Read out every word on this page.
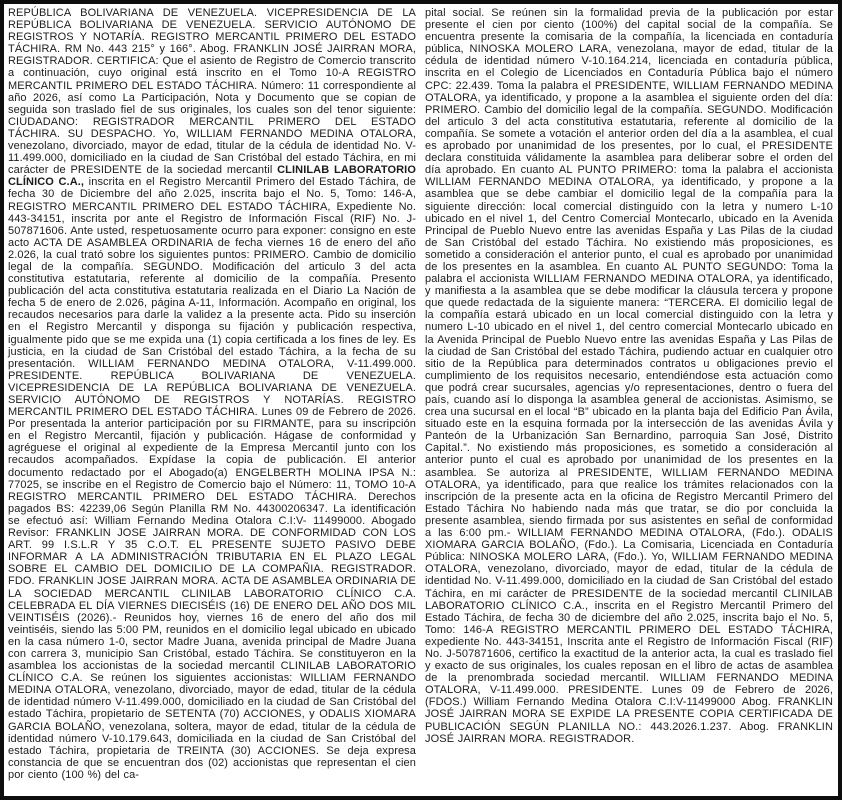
REPÚBLICA BOLIVARIANA DE VENEZUELA. VICEPRESIDENCIA DE LA REPÚBLICA BOLIVARIANA DE VENEZUELA. SERVICIO AUTÓNOMO DE REGISTROS Y NOTARÍA. REGISTRO MERCANTIL PRIMERO DEL ESTADO TÁCHIRA. RM No. 443 215° y 166°. Abog. FRANKLIN JOSÉ JAIRRAN MORA, REGISTRADOR. CERTIFICA: Que el asiento de Registro de Comercio transcrito a continuación, cuyo original está inscrito en el Tomo 10-A REGISTRO MERCANTIL PRIMERO DEL ESTADO TÁCHIRA. Número: 11 correspondiente al año 2026, así como La Participación, Nota y Documento que se copian de seguida son traslado fiel de sus originales, los cuales son del tenor siguiente: CIUDADANO: REGISTRADOR MERCANTIL PRIMERO DEL ESTADO TÁCHIRA. SU DESPACHO. Yo, WILLIAM FERNANDO MEDINA OTALORA, venezolano, divorciado, mayor de edad, titular de la cédula de identidad No. V-11.499.000, domiciliado en la ciudad de San Cristóbal del estado Táchira, en mi carácter de PRESIDENTE de la sociedad mercantil CLINILAB LABORATORIO CLÍNICO C.A., inscrita en el Registro Mercantil Primero del Estado Táchira, de fecha 30 de Diciembre del año 2.025, inscrita bajo el No. 5, Tomo: 146-A, REGISTRO MERCANTIL PRIMERO DEL ESTADO TÁCHIRA, Expediente No. 443-34151, inscrita por ante el Registro de Información Fiscal (RIF) No. J-507871606. Ante usted, respetuosamente ocurro para exponer: consigno en este acto ACTA DE ASAMBLEA ORDINARIA de fecha viernes 16 de enero del año 2.026, la cual trató sobre los siguientes puntos: PRIMERO. Cambio de domicilio legal de la compañía. SEGUNDO. Modificación del articulo 3 del acta constitutiva estatutaria, referente al domicilio de la compañía. Presento publicación del acta constitutiva estatutaria realizada en el Diario La Nación de fecha 5 de enero de 2.026, página A-11, Información. Acompaño en original, los recaudos necesarios para darle la validez a la presente acta. Pido su inserción en el Registro Mercantil y disponga su fijación y publicación respectiva, igualmente pido que se me expida una (1) copia certificada a los fines de ley. Es justicia, en la ciudad de San Cristóbal del estado Táchira, a la fecha de su presentación. WILLIAM FERNANDO MEDINA OTALORA, V-11.499.000. PRESIDENTE. REPÚBLICA BOLIVARIANA DE VENEZUELA. VICEPRESIDENCIA DE LA REPÚBLICA BOLIVARIANA DE VENEZUELA. SERVICIO AUTÓNOMO DE REGISTROS Y NOTARÍAS. REGISTRO MERCANTIL PRIMERO DEL ESTADO TÁCHIRA. Lunes 09 de Febrero de 2026. Por presentada la anterior participación por su FIRMANTE, para su inscripción en el Registro Mercantil, fijación y publicación. Hágase de conformidad y agréguese el original al expediente de la Empresa Mercantil junto con los recaudos acompañados. Expídase la copia de publicación. El anterior documento redactado por el Abogado(a) ENGELBERTH MOLINA IPSA N.: 77025, se inscribe en el Registro de Comercio bajo el Número: 11, TOMO 10-A REGISTRO MERCANTIL PRIMERO DEL ESTADO TÁCHIRA. Derechos pagados BS: 42239,06 Según Planilla RM No. 44300206347. La identificación se efectuó así: William Fernando Medina Otalora C.I:V- 11499000. Abogado Revisor: FRANKLIN JOSE JAIRRAN MORA. DE CONFORMIDAD CON LOS ART. 99 I.S.L.R Y 35 C.O.T. EL PRESENTE SUJETO PASIVO DEBE INFORMAR A LA ADMINISTRACIÓN TRIBUTARIA EN EL PLAZO LEGAL SOBRE EL CAMBIO DEL DOMICILIO DE LA COMPAÑIA. REGISTRADOR. FDO. FRANKLIN JOSE JAIRRAN MORA. ACTA DE ASAMBLEA ORDINARIA DE LA SOCIEDAD MERCANTIL CLINILAB LABORATORIO CLÍNICO C.A. CELEBRADA EL DÍA VIERNES DIECISÉIS (16) DE ENERO DEL AÑO DOS MIL VEINTISÉIS (2026).- Reunidos hoy, viernes 16 de enero del año dos mil veintiséis, siendo las 5:00 PM, reunidos en el domicilio legal ubicado en ubicado en la casa número 1-0, sector Madre Juana, avenida principal de Madre Juana con carrera 3, municipio San Cristóbal, estado Táchira. Se constituyeron en la asamblea los accionistas de la sociedad mercantil CLINILAB LABORATORIO CLÍNICO C.A. Se reúnen los siguientes accionistas: WILLIAM FERNANDO MEDINA OTALORA, venezolano, divorciado, mayor de edad, titular de la cédula de identidad número V-11.499.000, domiciliado en la ciudad de San Cristóbal del estado Táchira, propietario de SETENTA (70) ACCIONES, y ODALIS XIOMARA GARCIA BOLAÑO, venezolana, soltera, mayor de edad, titular de la cédula de identidad número V-10.179.643, domiciliada en la ciudad de San Cristóbal del estado Táchira, propietaria de TREINTA (30) ACCIONES. Se deja expresa constancia de que se encuentran dos (02) accionistas que representan el cien por ciento (100 %) del ca-
pital social. Se reúnen sin la formalidad previa de la publicación por estar presente el cien por ciento (100%) del capital social de la compañía. Se encuentra presente la comisaria de la compañía, la licenciada en contaduría pública, NINOSKA MOLERO LARA, venezolana, mayor de edad, titular de la cédula de identidad número V-10.164.214, licenciada en contaduría pública, inscrita en el Colegio de Licenciados en Contaduría Pública bajo el número CPC: 22.439. Toma la palabra el PRESIDENTE, WILLIAM FERNANDO MEDINA OTALORA, ya identificado, y propone a la asamblea el siguiente orden del día: PRIMERO. Cambio del domicilio legal de la compañía. SEGUNDO. Modificación del articulo 3 del acta constitutiva estatutaria, referente al domicilio de la compañía. Se somete a votación el anterior orden del día a la asamblea, el cual es aprobado por unanimidad de los presentes, por lo cual, el PRESIDENTE declara constituida válidamente la asamblea para deliberar sobre el orden del día aprobado. En cuanto AL PUNTO PRIMERO: toma la palabra el accionista WILLIAM FERNANDO MEDINA OTALORA, ya identificado, y propone a la asamblea que se debe cambiar el domicilio legal de la compañía para la siguiente dirección: local comercial distinguido con la letra y numero L-10 ubicado en el nivel 1, del Centro Comercial Montecarlo, ubicado en la Avenida Principal de Pueblo Nuevo entre las avenidas España y Las Pilas de la ciudad de San Cristóbal del estado Táchira. No existiendo más proposiciones, es sometido a consideración el anterior punto, el cual es aprobado por unanimidad de los presentes en la asamblea. En cuanto AL PUNTO SEGUNDO: Toma la palabra el accionista WILLIAM FERNANDO MEDINA OTALORA, ya identificado, y manifiesta a la asamblea que se debe modificar la cláusula tercera y propone que quede redactada de la siguiente manera: “TERCERA. El domicilio legal de la compañía estará ubicado en un local comercial distinguido con la letra y numero L-10 ubicado en el nivel 1, del centro comercial Montecarlo ubicado en la Avenida Principal de Pueblo Nuevo entre las avenidas España y Las Pilas de la ciudad de San Cristóbal del estado Táchira, pudiendo actuar en cualquier otro sitio de la República para determinados contratos u obligaciones previo el cumplimiento de los requisitos necesario, entendiéndose esta actuación como que podrá crear sucursales, agencias y/o representaciones, dentro o fuera del país, cuando así lo disponga la asamblea general de accionistas. Asimismo, se crea una sucursal en el local “B” ubicado en la planta baja del Edificio Pan Ávila, situado este en la esquina formada por la intersección de las avenidas Ávila y Panteón de la Urbanización San Bernardino, parroquia San José, Distrito Capital.”. No existiendo más proposiciones, es sometido a consideración al anterior punto el cual es aprobado por unanimidad de los presentes en la asamblea. Se autoriza al PRESIDENTE, WILLIAM FERNANDO MEDINA OTALORA, ya identificado, para que realice los trámites relacionados con la inscripción de la presente acta en la oficina de Registro Mercantil Primero del Estado Táchira No habiendo nada más que tratar, se dio por concluida la presente asamblea, siendo firmada por sus asistentes en señal de conformidad a las 6:00 pm.- WILLIAM FERNANDO MEDINA OTALORA, (Fdo.). ODALIS XIOMARA GARCIA BOLAÑO, (Fdo.). La Comisaria, Licenciada en Contaduría Pública: NINOSKA MOLERO LARA, (Fdo.). Yo, WILLIAM FERNANDO MEDINA OTALORA, venezolano, divorciado, mayor de edad, titular de la cédula de identidad No. V-11.499.000, domiciliado en la ciudad de San Cristóbal del estado Táchira, en mi carácter de PRESIDENTE de la sociedad mercantil CLINILAB LABORATORIO CLÍNICO C.A., inscrita en el Registro Mercantil Primero del Estado Táchira, de fecha 30 de diciembre del año 2.025, inscrita bajo el No. 5, Tomo: 146-A REGISTRO MERCANTIL PRIMERO DEL ESTADO TÁCHIRA, expediente No. 443-34151, Inscrita ante el Registro de Información Fiscal (RIF) No. J-507871606, certifico la exactitud de la anterior acta, la cual es traslado fiel y exacto de sus originales, los cuales reposan en el libro de actas de asamblea de la prenombrada sociedad mercantil. WILLIAM FERNANDO MEDINA OTALORA, V-11.499.000. PRESIDENTE. Lunes 09 de Febrero de 2026, (FDOS.) William Fernando Medina Otalora C.I:V-11499000 Abog. FRANKLIN JOSÉ JAIRRAN MORA SE EXPIDE LA PRESENTE COPIA CERTIFICADA DE PUBLICACIÓN SEGÚN PLANILLA NO.: 443.2026.1.237. Abog. FRANKLIN JOSÉ JAIRRAN MORA. REGISTRADOR.
